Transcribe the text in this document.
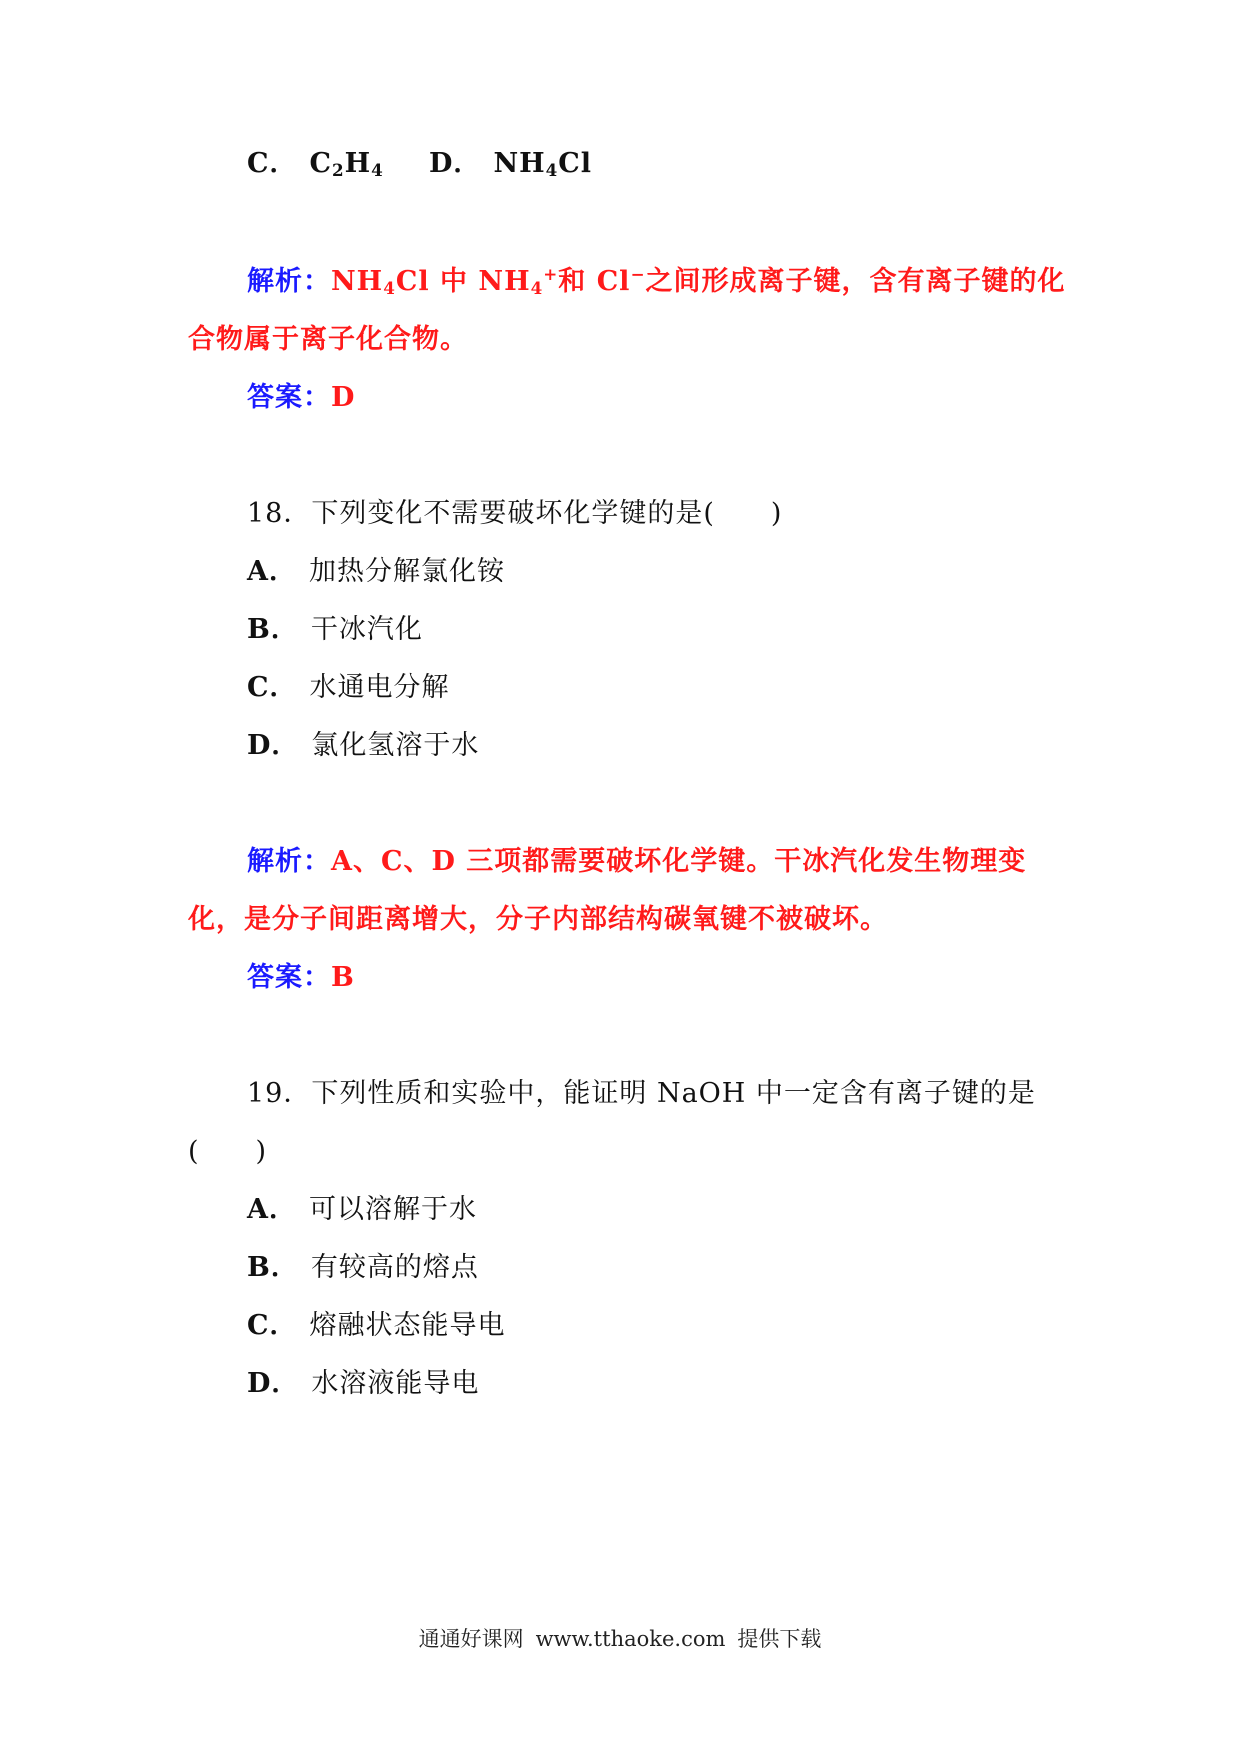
C． $C_2H_4$ D． $NH_4Cl$
解析：$NH_4Cl$ 中 $NH_4^+$和 Cl−之间形成离子键，含有离子键的化
合物属于离子化合物。
答案：D
18．下列变化不需要破坏化学键的是(　　)
A． 加热分解氯化铵
B． 干冰汽化
C． 水通电分解
D． 氯化氢溶于水
解析：A、C、D 三项都需要破坏化学键。干冰汽化发生物理变
化，是分子间距离增大，分子内部结构碳氧键不被破坏。
答案：B
19．下列性质和实验中，能证明 NaOH 中一定含有离子键的是
(　　)
A． 可以溶解于水
B． 有较高的熔点
C． 熔融状态能导电
D． 水溶液能导电
通通好课网 www.tthaoke.com 提供下载
